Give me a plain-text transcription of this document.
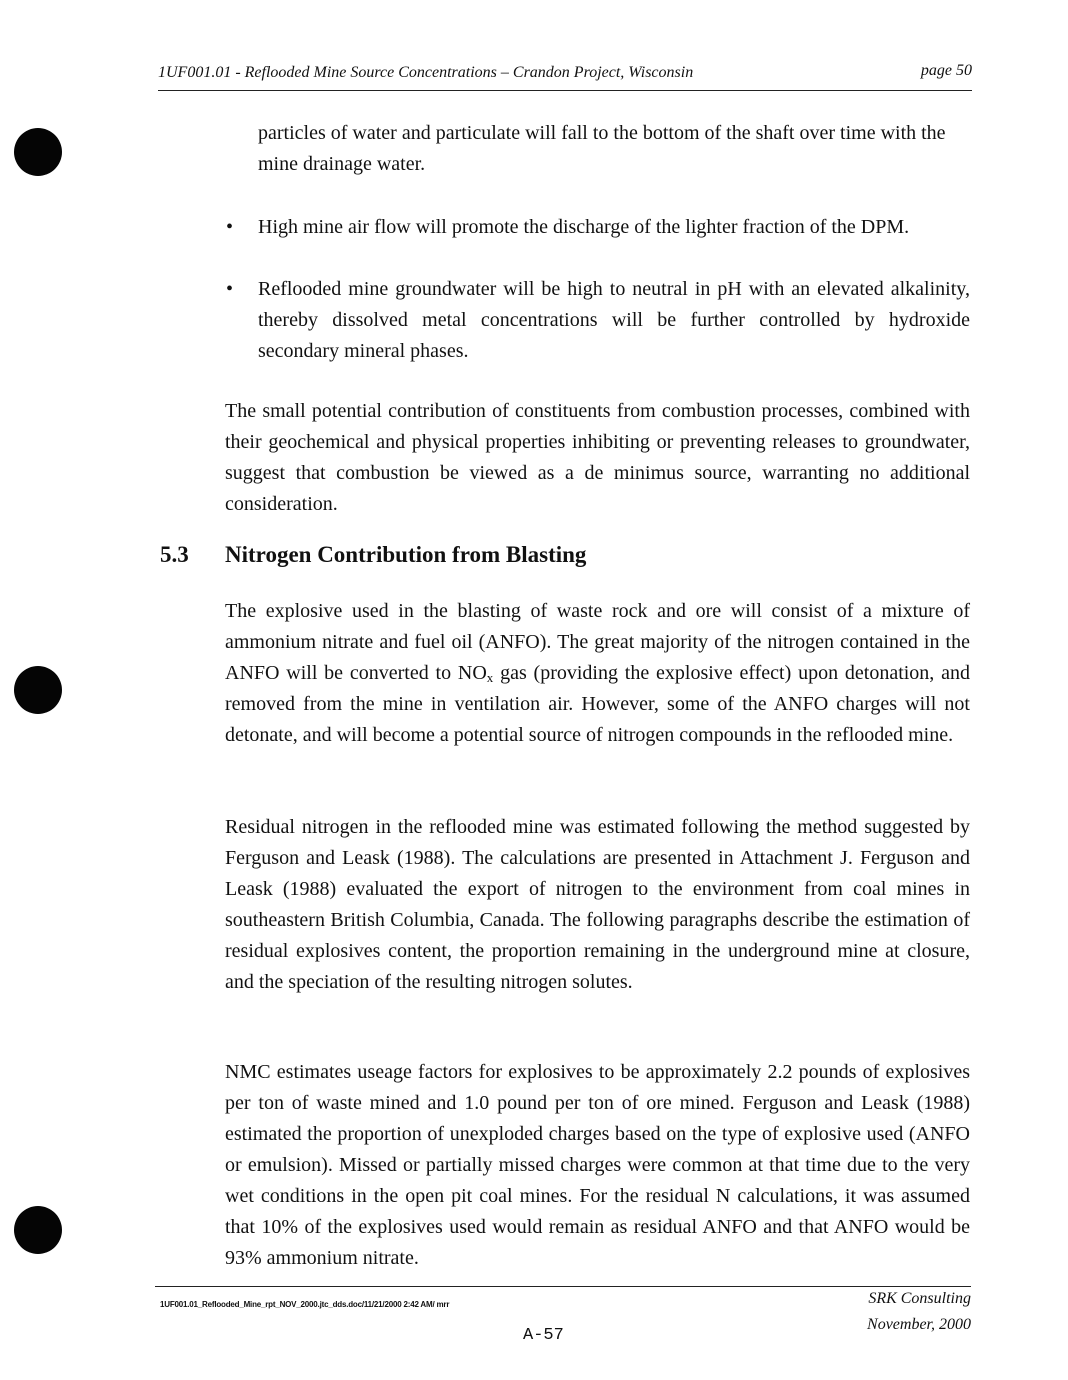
1UF001.01 - Reflooded Mine Source Concentrations – Crandon Project, Wisconsin	page 50

particles of water and particulate will fall to the bottom of the shaft over time with the mine drainage water.

• High mine air flow will promote the discharge of the lighter fraction of the DPM.

• Reflooded mine groundwater will be high to neutral in pH with an elevated alkalinity, thereby dissolved metal concentrations will be further controlled by hydroxide secondary mineral phases.

The small potential contribution of constituents from combustion processes, combined with their geochemical and physical properties inhibiting or preventing releases to groundwater, suggest that combustion be viewed as a de minimus source, warranting no additional consideration.

5.3 Nitrogen Contribution from Blasting

The explosive used in the blasting of waste rock and ore will consist of a mixture of ammonium nitrate and fuel oil (ANFO). The great majority of the nitrogen contained in the ANFO will be converted to $NO_x$ gas (providing the explosive effect) upon detonation, and removed from the mine in ventilation air. However, some of the ANFO charges will not detonate, and will become a potential source of nitrogen compounds in the reflooded mine.

Residual nitrogen in the reflooded mine was estimated following the method suggested by Ferguson and Leask (1988). The calculations are presented in Attachment J. Ferguson and Leask (1988) evaluated the export of nitrogen to the environment from coal mines in southeastern British Columbia, Canada. The following paragraphs describe the estimation of residual explosives content, the proportion remaining in the underground mine at closure, and the speciation of the resulting nitrogen solutes.

NMC estimates useage factors for explosives to be approximately 2.2 pounds of explosives per ton of waste mined and 1.0 pound per ton of ore mined. Ferguson and Leask (1988) estimated the proportion of unexploded charges based on the type of explosive used (ANFO or emulsion). Missed or partially missed charges were common at that time due to the very wet conditions in the open pit coal mines. For the residual N calculations, it was assumed that 10% of the explosives used would remain as residual ANFO and that ANFO would be 93% ammonium nitrate.

1UF001.01_Reflooded_Mine_rpt_NOV_2000.jtc_dds.doc/11/21/2000 2:42 AM/ mrr	SRK Consulting
November, 2000
A-57
